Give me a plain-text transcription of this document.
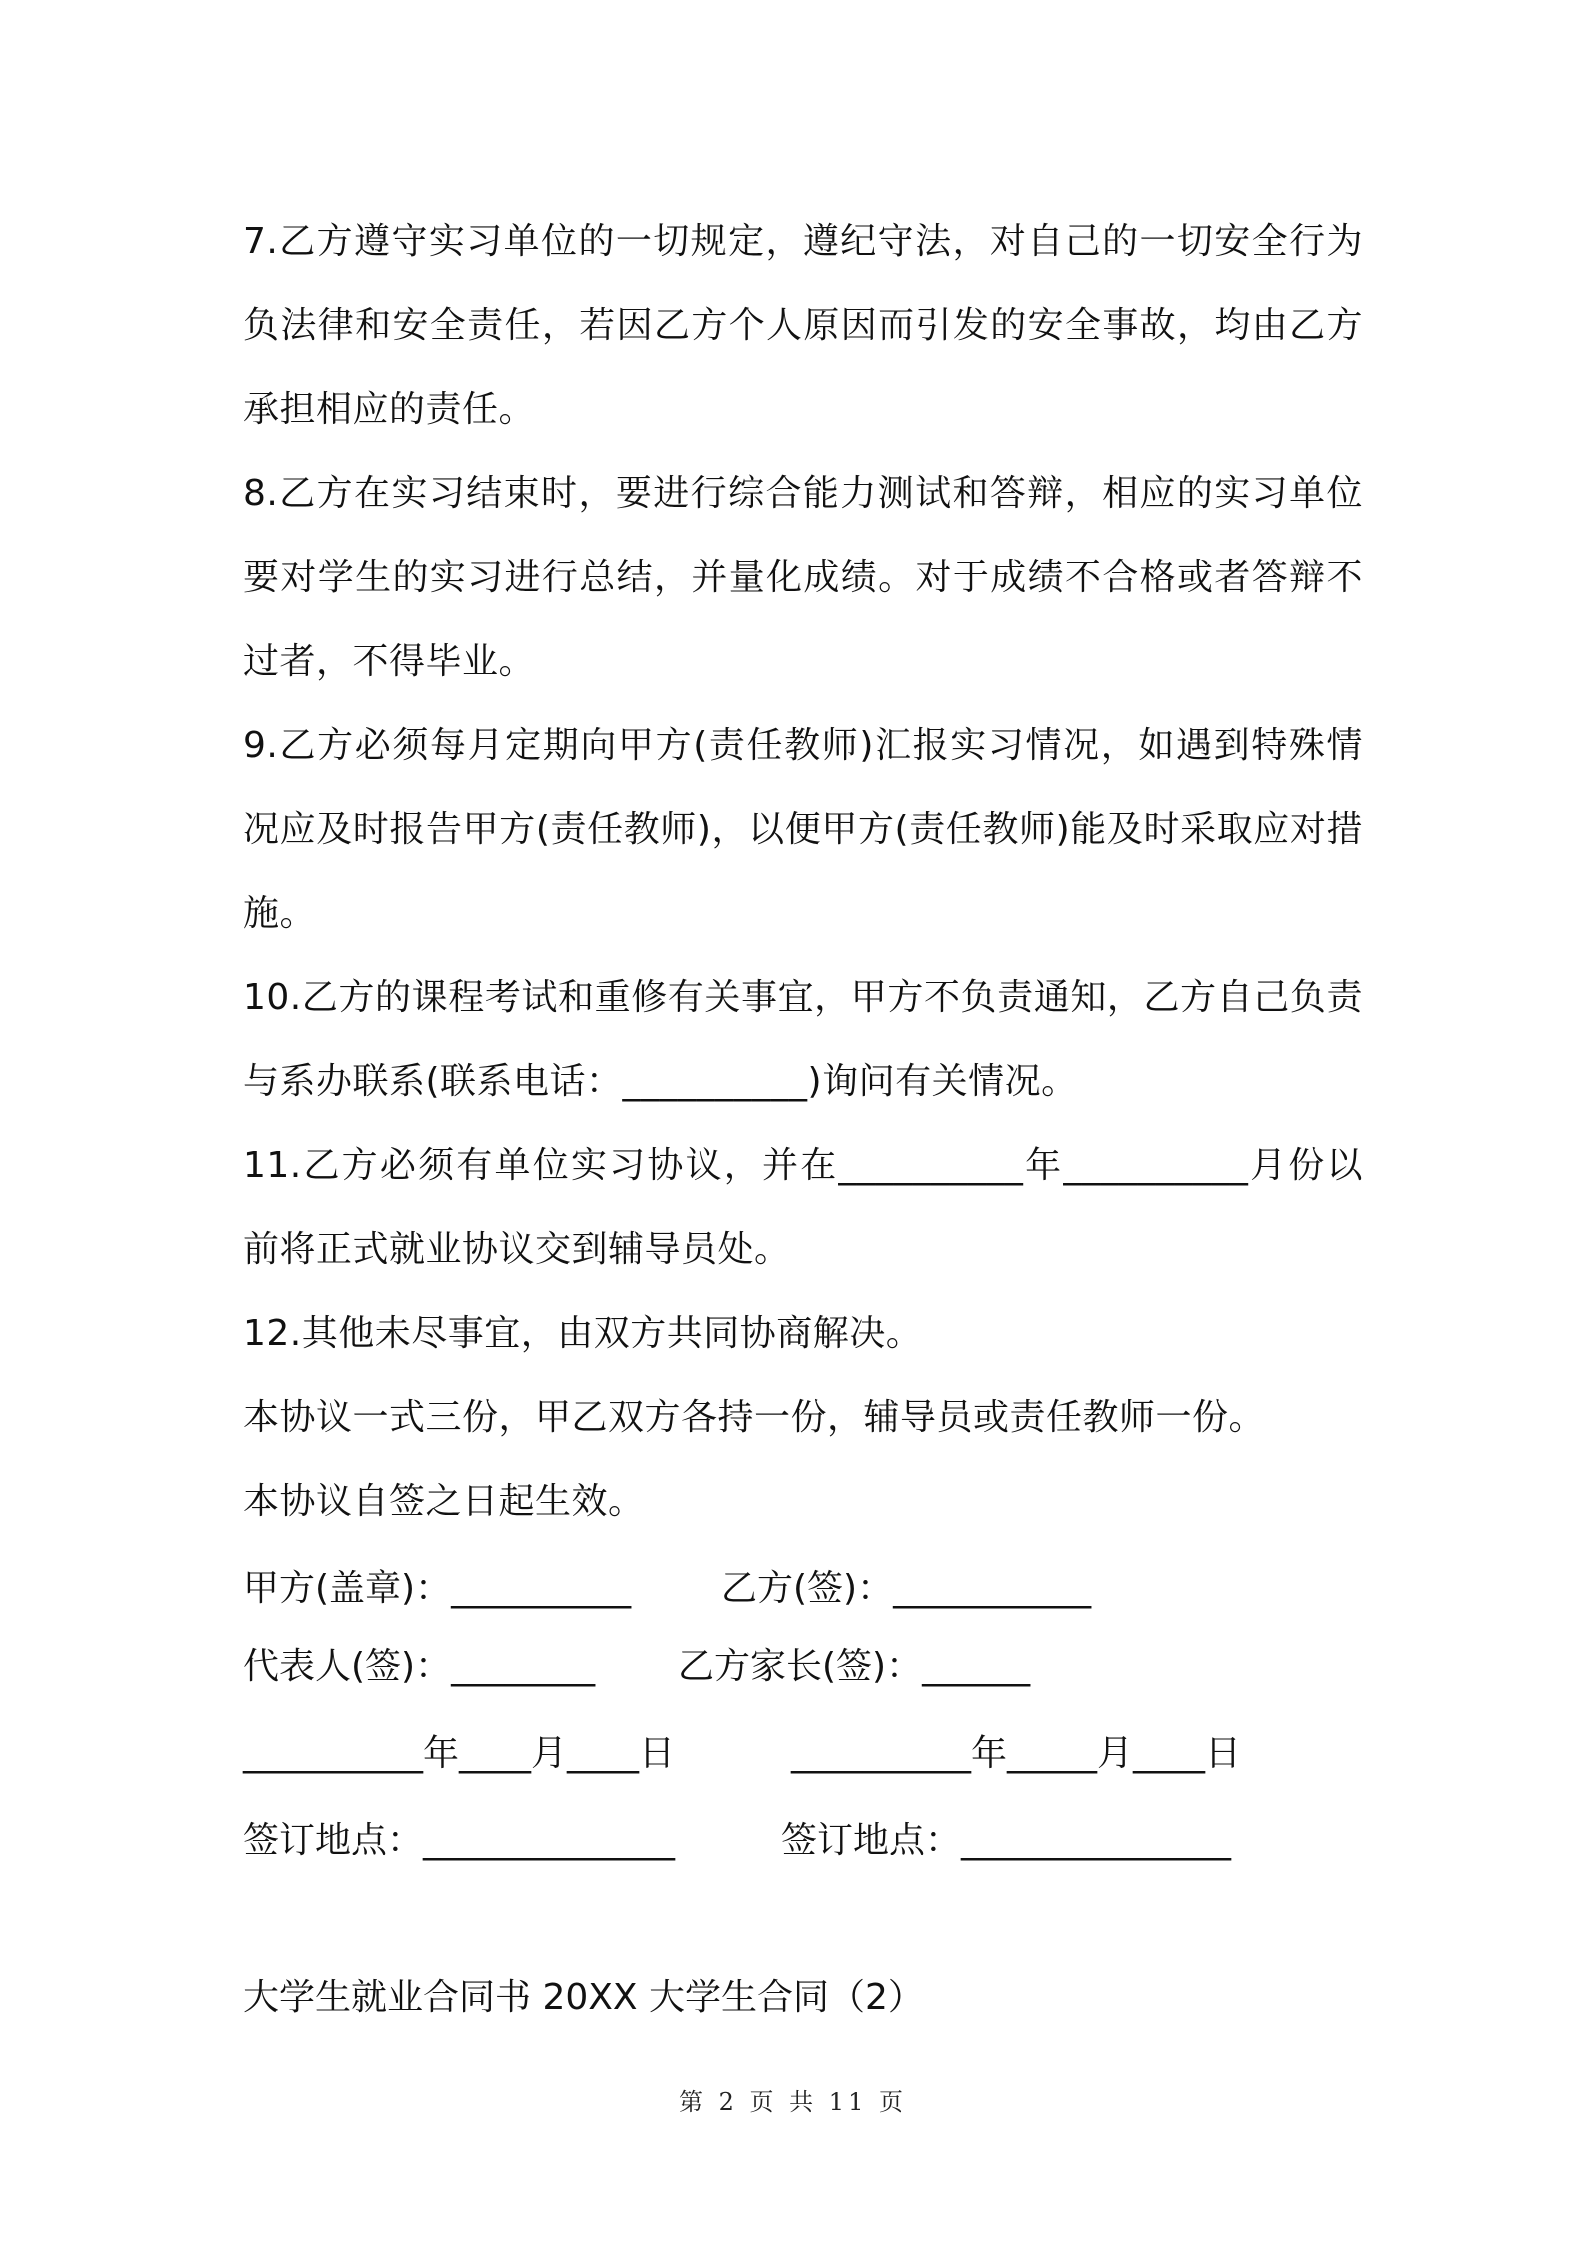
7.乙方遵守实习单位的一切规定，遵纪守法，对自己的一切安全行为负法律和安全责任，若因乙方个人原因而引发的安全事故，均由乙方承担相应的责任。

8.乙方在实习结束时，要进行综合能力测试和答辩，相应的实习单位要对学生的实习进行总结，并量化成绩。对于成绩不合格或者答辩不过者，不得毕业。

9.乙方必须每月定期向甲方(责任教师)汇报实习情况，如遇到特殊情况应及时报告甲方(责任教师)，以便甲方(责任教师)能及时采取应对措施。

10.乙方的课程考试和重修有关事宜，甲方不负责通知，乙方自己负责与系办联系(联系电话：__________)询问有关情况。

11.乙方必须有单位实习协议，并在__________年__________月份以前将正式就业协议交到辅导员处。

12.其他未尽事宜，由双方共同协商解决。

本协议一式三份，甲乙双方各持一份，辅导员或责任教师一份。

本协议自签之日起生效。

甲方(盖章)：__________ 乙方(签)：___________
代表人(签)：________ 乙方家长(签)：______
__________年____月____日	__________年_____月____日
签订地点：______________	签订地点：_______________

大学生就业合同书 20XX 大学生合同（2）

第 2 页 共 11 页
